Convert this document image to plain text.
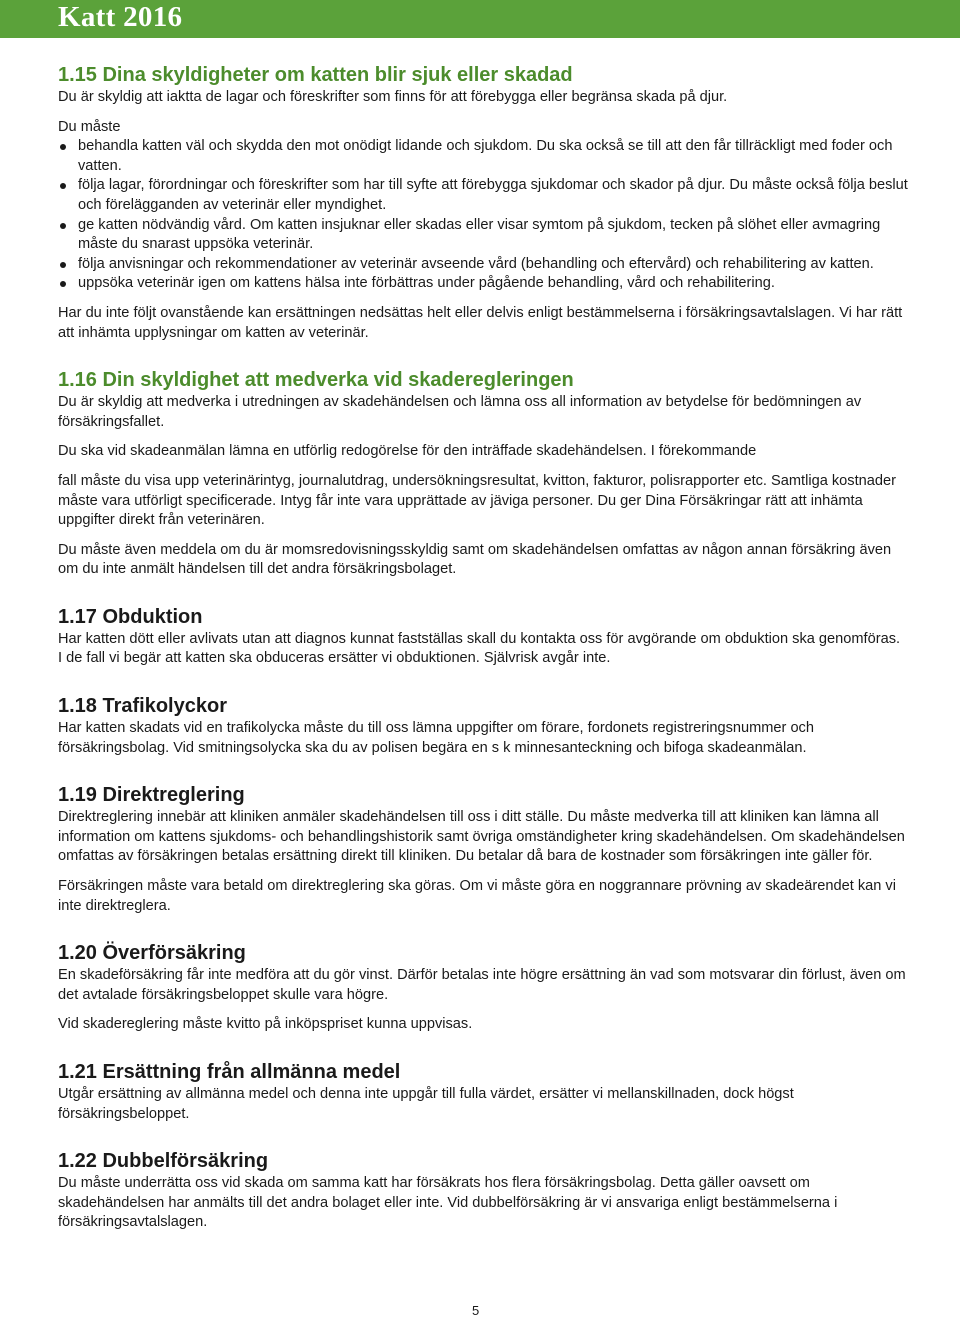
Katt 2016
1.15 Dina skyldigheter om katten blir sjuk eller skadad

Du är skyldig att iaktta de lagar och föreskrifter som finns för att förebygga eller begränsa skada på djur.

Du måste

behandla katten väl och skydda den mot onödigt lidande och sjukdom. Du ska också se till att den får tillräckligt med foder och vatten.
följa lagar, förordningar och föreskrifter som har till syfte att förebygga sjukdomar och skador på djur. Du måste också följa beslut och förelägganden av veterinär eller myndighet.
ge katten nödvändig vård. Om katten insjuknar eller skadas eller visar symtom på sjukdom, tecken på slöhet eller avmagring måste du snarast uppsöka veterinär.
följa anvisningar och rekommendationer av veterinär avseende vård (behandling och eftervård) och rehabilitering av katten.
uppsöka veterinär igen om kattens hälsa inte förbättras under pågående behandling, vård och rehabilitering.

Har du inte följt ovanstående kan ersättningen nedsättas helt eller delvis enligt bestämmelserna i försäkringsavtalslagen. Vi har rätt att inhämta upplysningar om katten av veterinär.

1.16 Din skyldighet att medverka vid skaderegleringen

Du är skyldig att medverka i utredningen av skadehändelsen och lämna oss all information av betydelse för bedömningen av försäkringsfallet.

Du ska vid skadeanmälan lämna en utförlig redogörelse för den inträffade skadehändelsen. I förekommande

fall måste du visa upp veterinärintyg, journalutdrag, undersökningsresultat, kvitton, fakturor, polisrapporter etc. Samtliga kostnader måste vara utförligt specificerade. Intyg får inte vara upprättade av jäviga personer. Du ger Dina Försäkringar rätt att inhämta uppgifter direkt från veterinären.

Du måste även meddela om du är momsredovisningsskyldig samt om skadehändelsen omfattas av någon annan försäkring även om du inte anmält händelsen till det andra försäkringsbolaget.

1.17 Obduktion

Har katten dött eller avlivats utan att diagnos kunnat fastställas skall du kontakta oss för avgörande om obduktion ska genomföras. I de fall vi begär att katten ska obduceras ersätter vi obduktionen. Självrisk avgår inte.

1.18 Trafikolyckor

Har katten skadats vid en trafikolycka måste du till oss lämna uppgifter om förare, fordonets registreringsnummer och försäkringsbolag. Vid smitningsolycka ska du av polisen begära en s k minnesanteckning och bifoga skadeanmälan.

1.19 Direktreglering

Direktreglering innebär att kliniken anmäler skadehändelsen till oss i ditt ställe. Du måste medverka till att kliniken kan lämna all information om kattens sjukdoms- och behandlingshistorik samt övriga omständigheter kring skadehändelsen. Om skadehändelsen omfattas av försäkringen betalas ersättning direkt till kliniken. Du betalar då bara de kostnader som försäkringen inte gäller för.

Försäkringen måste vara betald om direktreglering ska göras. Om vi måste göra en noggrannare prövning av skadeärendet kan vi inte direktreglera.

1.20 Överförsäkring

En skadeförsäkring får inte medföra att du gör vinst. Därför betalas inte högre ersättning än vad som motsvarar din förlust, även om det avtalade försäkringsbeloppet skulle vara högre.

Vid skadereglering måste kvitto på inköpspriset kunna uppvisas.

1.21 Ersättning från allmänna medel

Utgår ersättning av allmänna medel och denna inte uppgår till fulla värdet, ersätter vi mellanskillnaden, dock högst försäkringsbeloppet.

1.22 Dubbelförsäkring

Du måste underrätta oss vid skada om samma katt har försäkrats hos flera försäkringsbolag. Detta gäller oavsett om skadehändelsen har anmälts till det andra bolaget eller inte. Vid dubbelförsäkring är vi ansvariga enligt bestämmelserna i försäkringsavtalslagen.

5
